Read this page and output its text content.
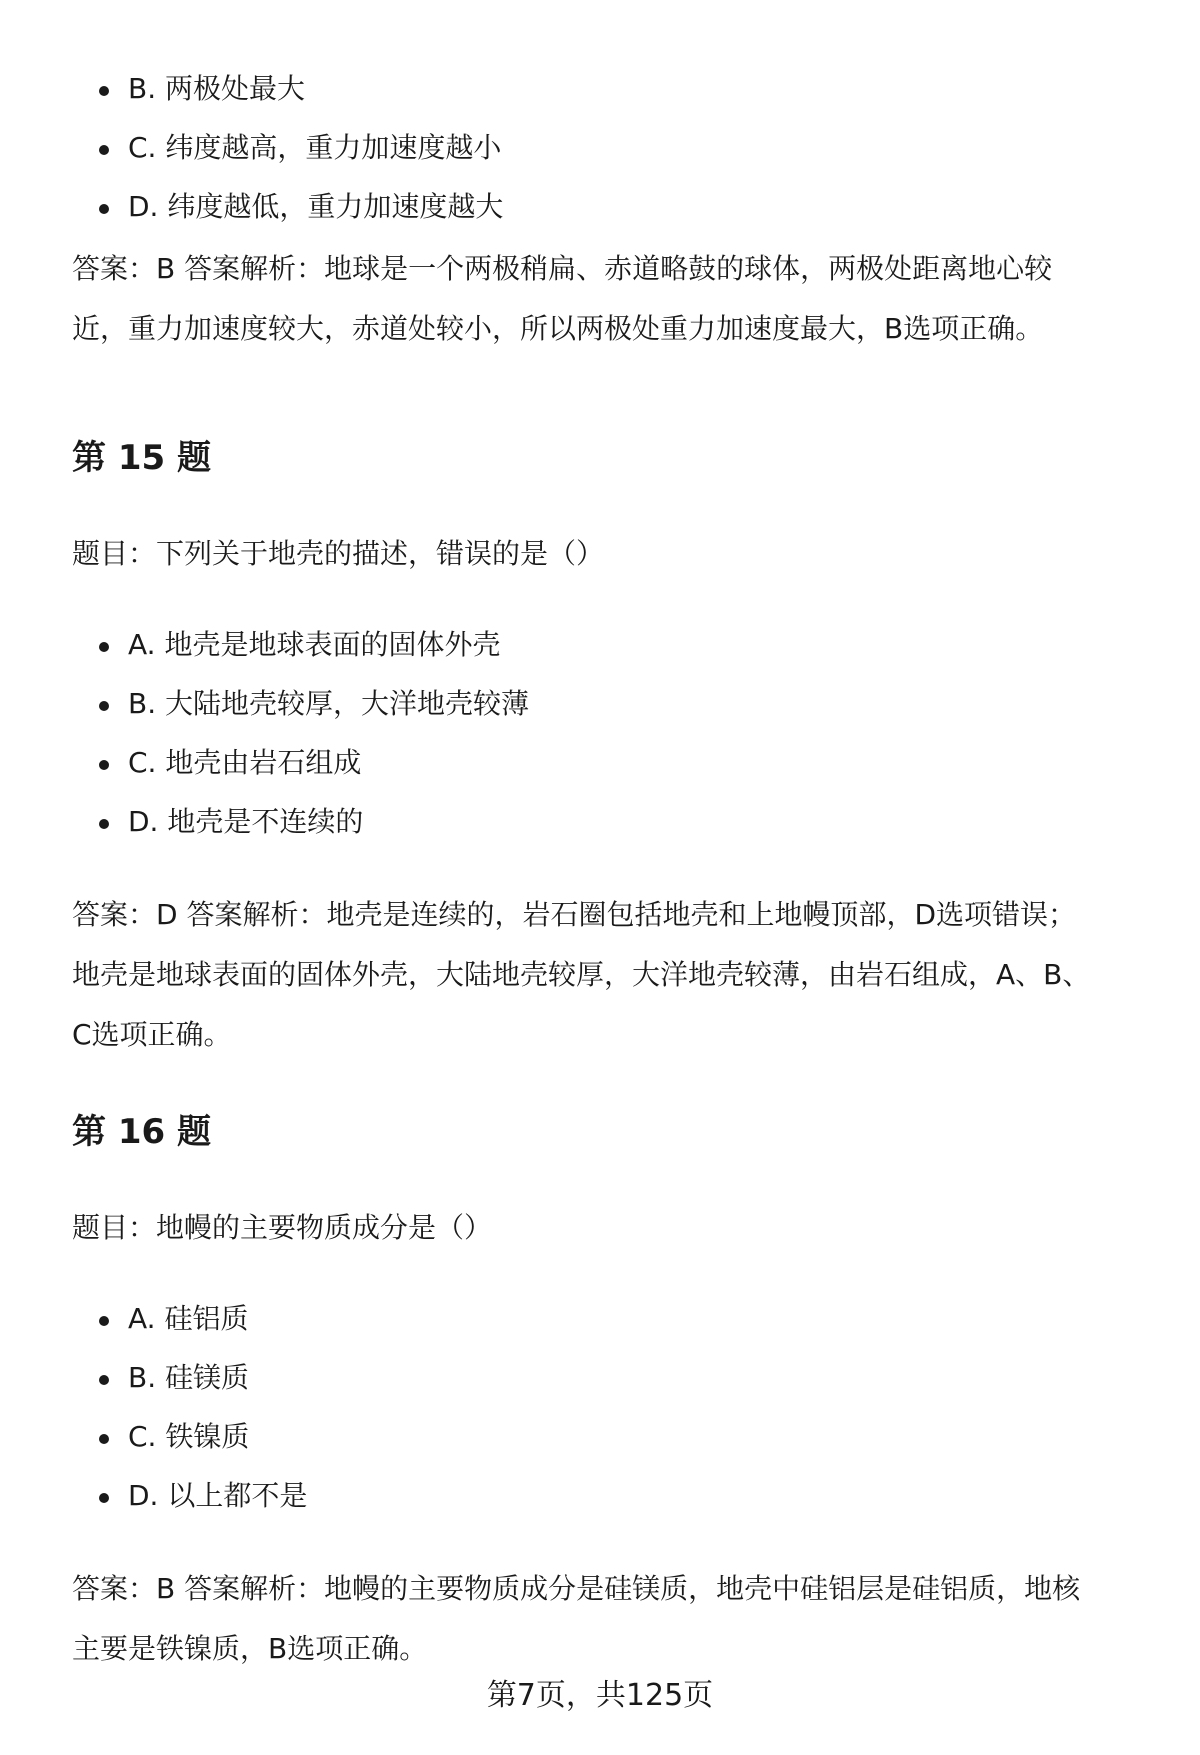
B. 两极处最大
C. 纬度越高，重力加速度越小
D. 纬度越低，重力加速度越大
答案：B 答案解析：地球是一个两极稍扁、赤道略鼓的球体，两极处距离地心较
近，重力加速度较大，赤道处较小，所以两极处重力加速度最大，B选项正确。
第 15 题
题目：下列关于地壳的描述，错误的是（）
A. 地壳是地球表面的固体外壳
B. 大陆地壳较厚，大洋地壳较薄
C. 地壳由岩石组成
D. 地壳是不连续的
答案：D 答案解析：地壳是连续的，岩石圈包括地壳和上地幔顶部，D选项错误；
地壳是地球表面的固体外壳，大陆地壳较厚，大洋地壳较薄，由岩石组成，A、B、
C选项正确。
第 16 题
题目：地幔的主要物质成分是（）
A. 硅铝质
B. 硅镁质
C. 铁镍质
D. 以上都不是
答案：B 答案解析：地幔的主要物质成分是硅镁质，地壳中硅铝层是硅铝质，地核
主要是铁镍质，B选项正确。
第7页，共125页
